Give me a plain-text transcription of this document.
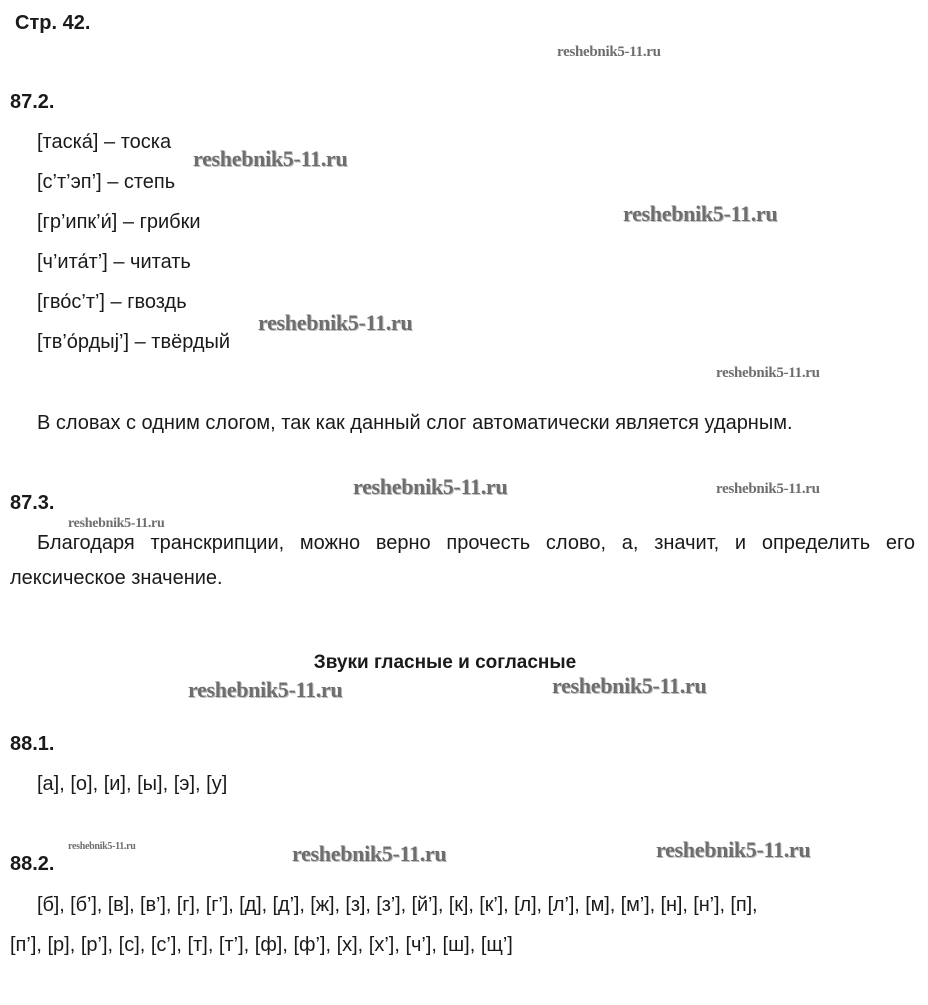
Стр. 42.
87.2.
[таска́] – тоска
[с’т’эп’] – степь
[гр’ипк’и́] – грибки
[ч’ита́т’] – читать
[гво́с’т’] – гвоздь
[тв’о́рдыj’] – твёрдый
В словах с одним слогом, так как данный слог автоматически является ударным.
87.3.
Благодаря транскрипции, можно верно прочесть слово, а, значит, и определить его лексическое значение.
Звуки гласные и согласные
88.1.
[а], [о], [и], [ы], [э], [у]
88.2.
[б], [б’], [в], [в’], [г], [г’], [д], [д’], [ж], [з], [з’], [й’], [к], [к’], [л], [л’], [м], [м’], [н], [н’], [п],
[п’], [р], [р’], [с], [с’], [т], [т’], [ф], [ф’], [х], [х’], [ч’], [ш], [щ’]
reshebnik5-11.ru
reshebnik5-11.ru
reshebnik5-11.ru
reshebnik5-11.ru
reshebnik5-11.ru
reshebnik5-11.ru	reshebnik5-11.ru
reshebnik5-11.ru
reshebnik5-11.ru	reshebnik5-11.ru
reshebnik5-11.ru	reshebnik5-11.ru	reshebnik5-11.ru
